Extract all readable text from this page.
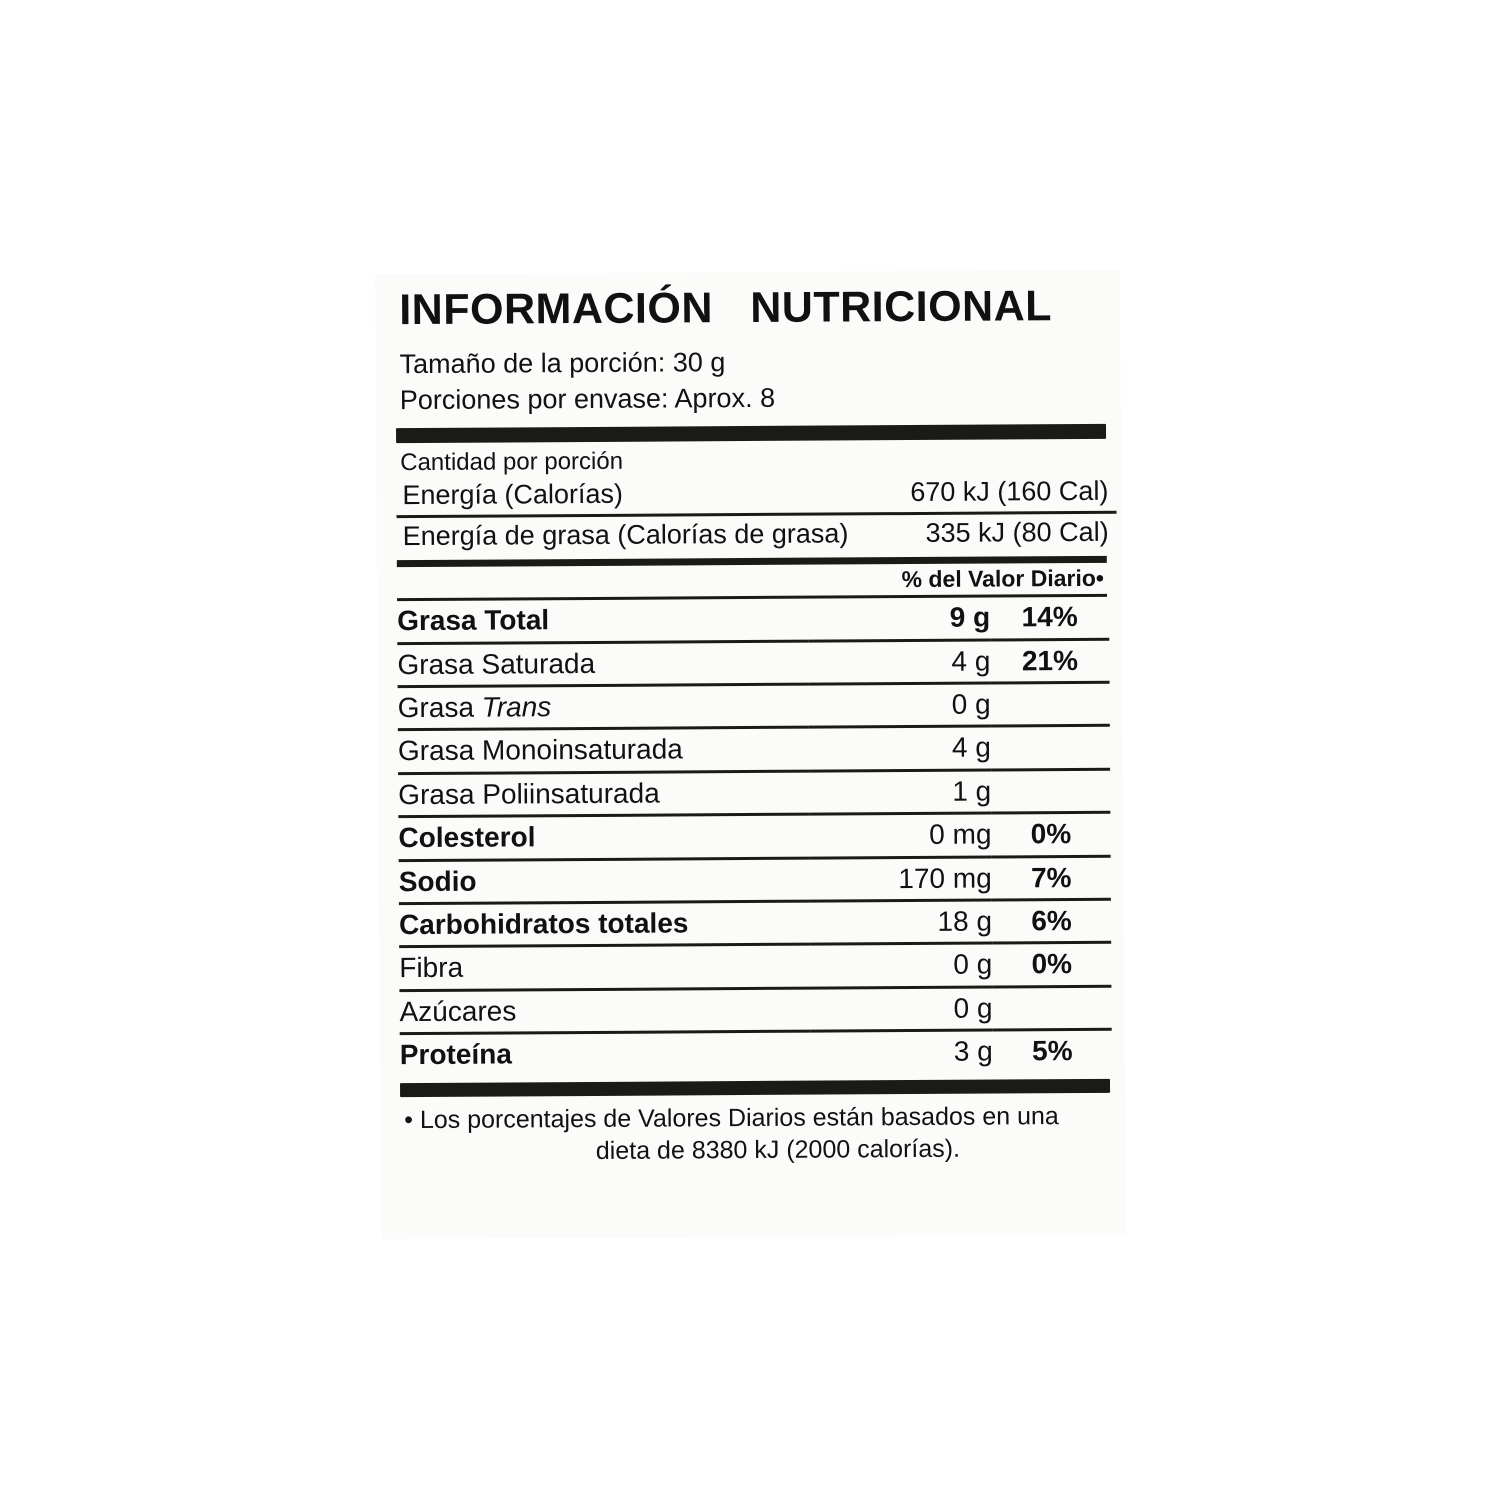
INFORMACIÓN   NUTRICIONAL
Tamaño de la porción: 30 g
Porciones por envase: Aprox. 8
Cantidad por porción
Energía (Calorías)	670 kJ (160 Cal)
Energía de grasa (Calorías de grasa)	335 kJ (80 Cal)
% del Valor Diario•
Grasa Total	9 g	14%
Grasa Saturada	4 g	21%
Grasa Trans	0 g	
Grasa Monoinsaturada	4 g	
Grasa Poliinsaturada	1 g	
Colesterol	0 mg	0%
Sodio	170 mg	7%
Carbohidratos totales	18 g	6%
Fibra	0 g	0%
Azúcares	0 g	
Proteína	3 g	5%
• Los porcentajes de Valores Diarios están basados en una
dieta de 8380 kJ (2000 calorías).
